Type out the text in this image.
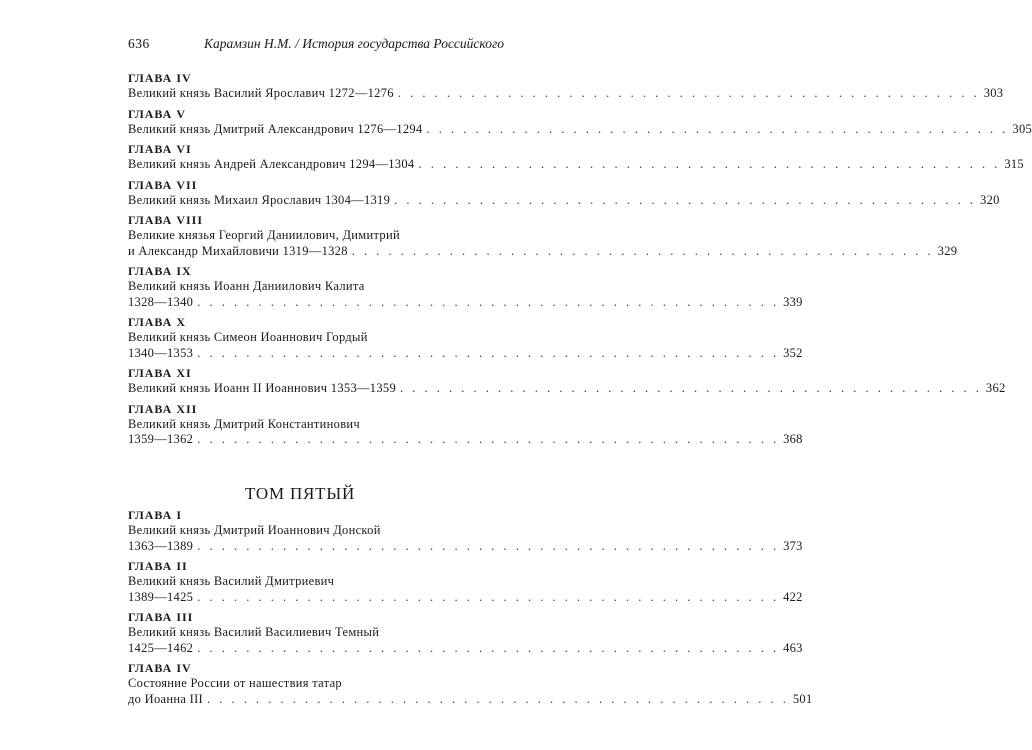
636	Карамзин Н.М. / История государства Российского
ГЛАВА IV
Великий князь Василий Ярославич 1272—1276 . . . . . . . . . . . . . . . . . . . . . . . . . . . . . . . . . . . . . . . . . . . . . . . . 303
ГЛАВА V
Великий князь Дмитрий Александрович 1276—1294 . . . . . . . . . . . . . . . . . . . . . . . . . . . . . . . . . . . . . . . . . . . . . . . . 305
ГЛАВА VI
Великий князь Андрей Александрович 1294—1304 . . . . . . . . . . . . . . . . . . . . . . . . . . . . . . . . . . . . . . . . . . . . . . . . 315
ГЛАВА VII
Великий князь Михаил Ярославич 1304—1319 . . . . . . . . . . . . . . . . . . . . . . . . . . . . . . . . . . . . . . . . . . . . . . . . 320
ГЛАВА VIII
Великие князья Георгий Даниилович, Димитрий
и Александр Михайловичи 1319—1328 . . . . . . . . . . . . . . . . . . . . . . . . . . . . . . . . . . . . . . . . . . . . . . . . 329
ГЛАВА IX
Великий князь Иоанн Даниилович Калита
1328—1340 . . . . . . . . . . . . . . . . . . . . . . . . . . . . . . . . . . . . . . . . . . . . . . . . 339
ГЛАВА X
Великий князь Симеон Иоаннович Гордый
1340—1353 . . . . . . . . . . . . . . . . . . . . . . . . . . . . . . . . . . . . . . . . . . . . . . . . 352
ГЛАВА XI
Великий князь Иоанн II Иоаннович 1353—1359 . . . . . . . . . . . . . . . . . . . . . . . . . . . . . . . . . . . . . . . . . . . . . . . . 362
ГЛАВА XII
Великий князь Дмитрий Константинович
1359—1362 . . . . . . . . . . . . . . . . . . . . . . . . . . . . . . . . . . . . . . . . . . . . . . . . 368
ТОМ ПЯТЫЙ
ГЛАВА I
Великий князь Дмитрий Иоаннович Донской
1363—1389 . . . . . . . . . . . . . . . . . . . . . . . . . . . . . . . . . . . . . . . . . . . . . . . . 373
ГЛАВА II
Великий князь Василий Дмитриевич
1389—1425 . . . . . . . . . . . . . . . . . . . . . . . . . . . . . . . . . . . . . . . . . . . . . . . . 422
ГЛАВА III
Великий князь Василий Василиевич Темный
1425—1462 . . . . . . . . . . . . . . . . . . . . . . . . . . . . . . . . . . . . . . . . . . . . . . . . 463
ГЛАВА IV
Состояние России от нашествия татар
до Иоанна III . . . . . . . . . . . . . . . . . . . . . . . . . . . . . . . . . . . . . . . . . . . . . . . . 501
